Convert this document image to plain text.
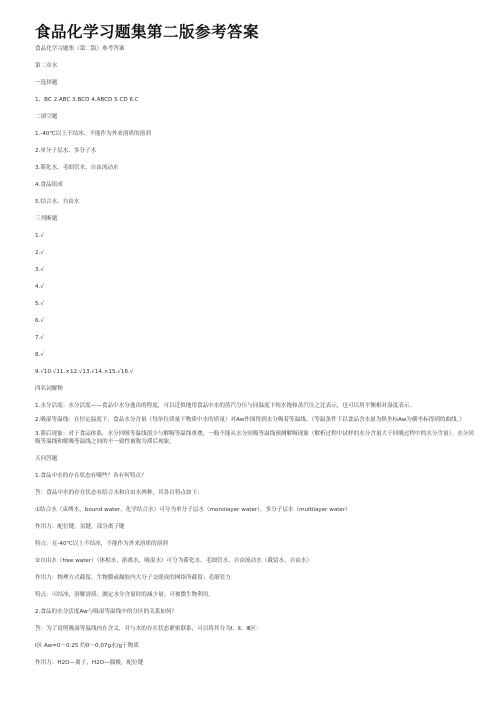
食品化学习题集第二版参考答案
食品化学习题集（第二版）参考答案
第二章水
一选择题
1、BC 2.ABC 3.BCD 4.ABCD 5.CD 6.C
二填空题
1.-40℃以上不结冰、不能作为外来溶质的溶剂
2.单分子层水、多分子水
3.滞化水、毛细管水、自由流动水
4.食品组成
5.结合水、自由水
三判断题
1.√
2.√
3.√
4.√
5.√
6.√
7.√
8.√
9.√10.√11.×12.√13.√14.×15.√16.√
四名词解释
1.水分活度：水分活度——食品中水分逸出的程度，可以近似地用食品中水的蒸汽分压与同温度下纯水饱和蒸汽压之比表示，也可以用平衡相对湿度表示。
2.吸湿等温线：在恒定温度下，食品水分含量（每单位质量干物质中水的质量）对Aw作图得到水分吸着等温线。（等温条件下以食品含水量为纵坐标Aw为横坐标得到的曲线。）
3.滞后现象：对于食品体系，水分回吸等温线很少与解吸等温线重叠，一般不能从水分回吸等温线预测解吸现象（解析过程中试样的水分含量大于回吸过程中的水分含量）。水分回吸等温线和解吸等温线之间的不一致性被称为滞后现象。
五问答题
1.食品中水的存在状态有哪些？各有何特点？
答：食品中水的存在状态有结合水和自由水两种，其各自特点如下：
①结合水（束缚水，bound water，化学结合水）可分为单分子层水（monolayer water），多分子层水（multilayer water）
作用力：配位键，氢键，部分离子键
特点：在-40℃以上不结冰，不能作为外来溶质的溶剂
②自由水（free water）（体相水，游离水，吸湿水）可分为滞化水、毛细管水、自由流动水（截留水、自由水）
作用力：物理方式截留，生物膜或凝胶内大分子交联成的网络所截留；毛细管力
特点：可结冰，溶解溶质；测定水分含量时的减少量；可被微生物利用。
2.食品的水分活度Aw与吸湿等温线中的分区的关系如何？
答：为了说明吸湿等温线内在含义，并与水的存在状态紧密联系，可以将其分为Ⅰ、Ⅱ、Ⅲ区：
Ⅰ区 Aw=0～0.25 约0～0.07g水/g干物质
作用力：H2O—离子，H2O—偶极，配位键
